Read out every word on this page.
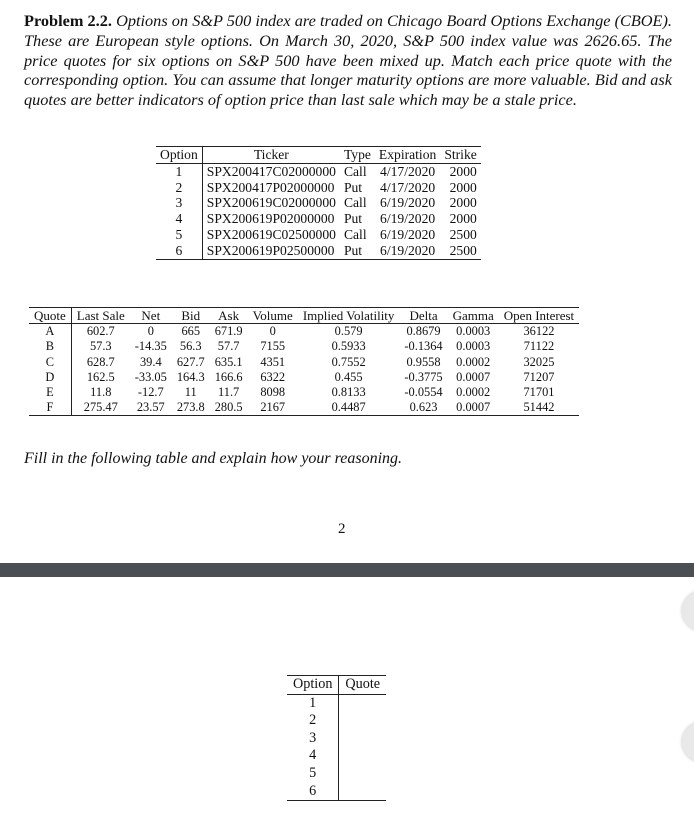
Problem 2.2. Options on S&P 500 index are traded on Chicago Board Options Exchange (CBOE). These are European style options. On March 30, 2020, S&P 500 index value was 2626.65. The price quotes for six options on S&P 500 have been mixed up. Match each price quote with the corresponding option. You can assume that longer maturity options are more valuable. Bid and ask quotes are better indicators of option price than last sale which may be a stale price.
Option	Ticker	Type	Expiration	Strike
1	SPX200417C02000000	Call	4/17/2020	2000
2	SPX200417P02000000	Put	4/17/2020	2000
3	SPX200619C02000000	Call	6/19/2020	2000
4	SPX200619P02000000	Put	6/19/2020	2000
5	SPX200619C02500000	Call	6/19/2020	2500
6	SPX200619P02500000	Put	6/19/2020	2500
Quote	Last Sale	Net	Bid	Ask	Volume	Implied Volatility	Delta	Gamma	Open Interest
A	602.7	0	665	671.9	0	0.579	0.8679	0.0003	36122
B	57.3	-14.35	56.3	57.7	7155	0.5933	-0.1364	0.0003	71122
C	628.7	39.4	627.7	635.1	4351	0.7552	0.9558	0.0002	32025
D	162.5	-33.05	164.3	166.6	6322	0.455	-0.3775	0.0007	71207
E	11.8	-12.7	11	11.7	8098	0.8133	-0.0554	0.0002	71701
F	275.47	23.57	273.8	280.5	2167	0.4487	0.623	0.0007	51442
Fill in the following table and explain how your reasoning.
2
Option	Quote
1	
2	
3	
4	
5	
6	
